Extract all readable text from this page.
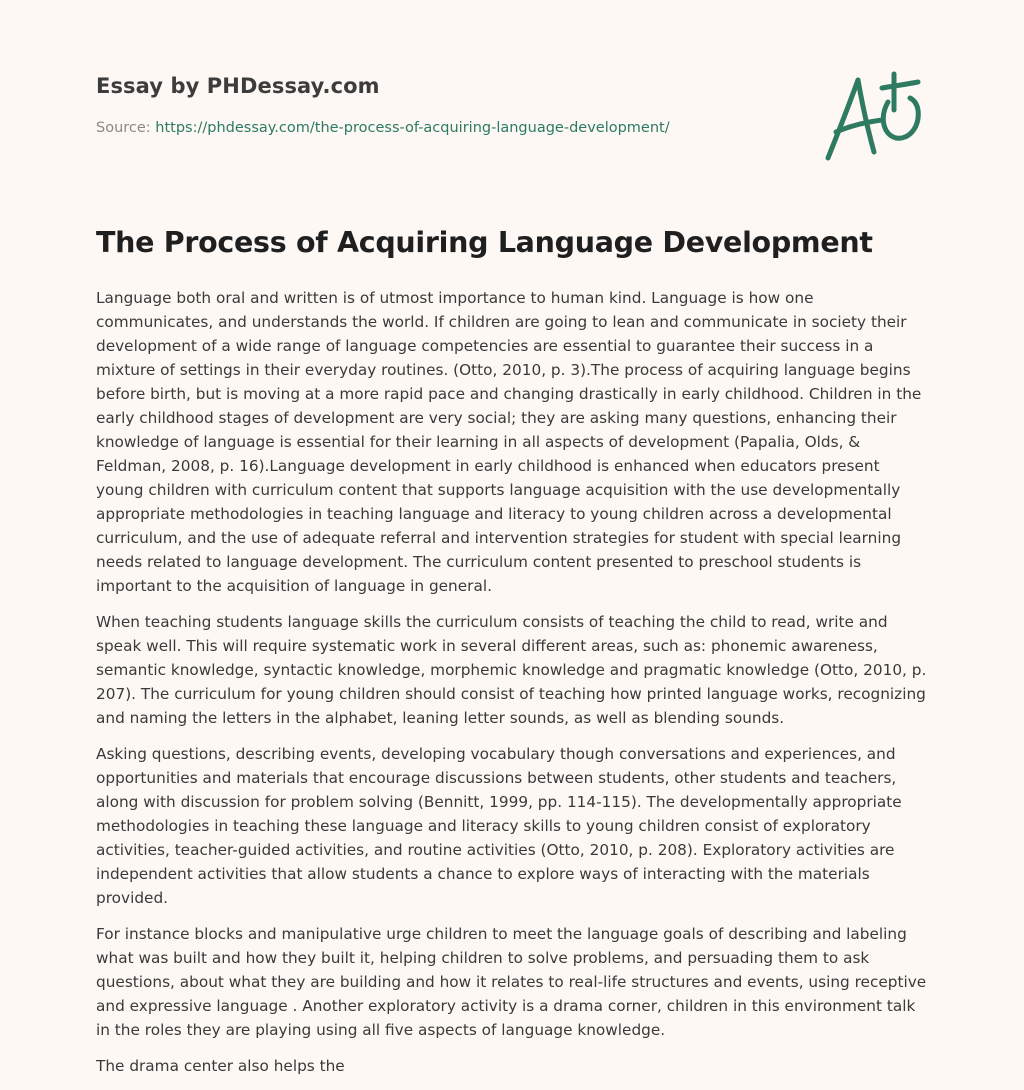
Essay by PHDessay.com
Source: https://phdessay.com/the-process-of-acquiring-language-development/
The Process of Acquiring Language Development

Language both oral and written is of utmost importance to human kind. Language is how one communicates, and understands the world. If children are going to lean and communicate in society their development of a wide range of language competencies are essential to guarantee their success in a mixture of settings in their everyday routines. (Otto, 2010, p. 3).The process of acquiring language begins before birth, but is moving at a more rapid pace and changing drastically in early childhood. Children in the early childhood stages of development are very social; they are asking many questions, enhancing their knowledge of language is essential for their learning in all aspects of development (Papalia, Olds, & Feldman, 2008, p. 16).Language development in early childhood is enhanced when educators present young children with curriculum content that supports language acquisition with the use developmentally appropriate methodologies in teaching language and literacy to young children across a developmental curriculum, and the use of adequate referral and intervention strategies for student with special learning needs related to language development. The curriculum content presented to preschool students is important to the acquisition of language in general.

When teaching students language skills the curriculum consists of teaching the child to read, write and speak well. This will require systematic work in several different areas, such as: phonemic awareness, semantic knowledge, syntactic knowledge, morphemic knowledge and pragmatic knowledge (Otto, 2010, p. 207). The curriculum for young children should consist of teaching how printed language works, recognizing and naming the letters in the alphabet, leaning letter sounds, as well as blending sounds.

Asking questions, describing events, developing vocabulary though conversations and experiences, and opportunities and materials that encourage discussions between students, other students and teachers, along with discussion for problem solving (Bennitt, 1999, pp. 114-115). The developmentally appropriate methodologies in teaching these language and literacy skills to young children consist of exploratory activities, teacher-guided activities, and routine activities (Otto, 2010, p. 208). Exploratory activities are independent activities that allow students a chance to explore ways of interacting with the materials provided.

For instance blocks and manipulative urge children to meet the language goals of describing and labeling what was built and how they built it, helping children to solve problems, and persuading them to ask questions, about what they are building and how it relates to real-life structures and events, using receptive and expressive language . Another exploratory activity is a drama corner, children in this environment talk in the roles they are playing using all five aspects of language knowledge.

The drama center also helps the
